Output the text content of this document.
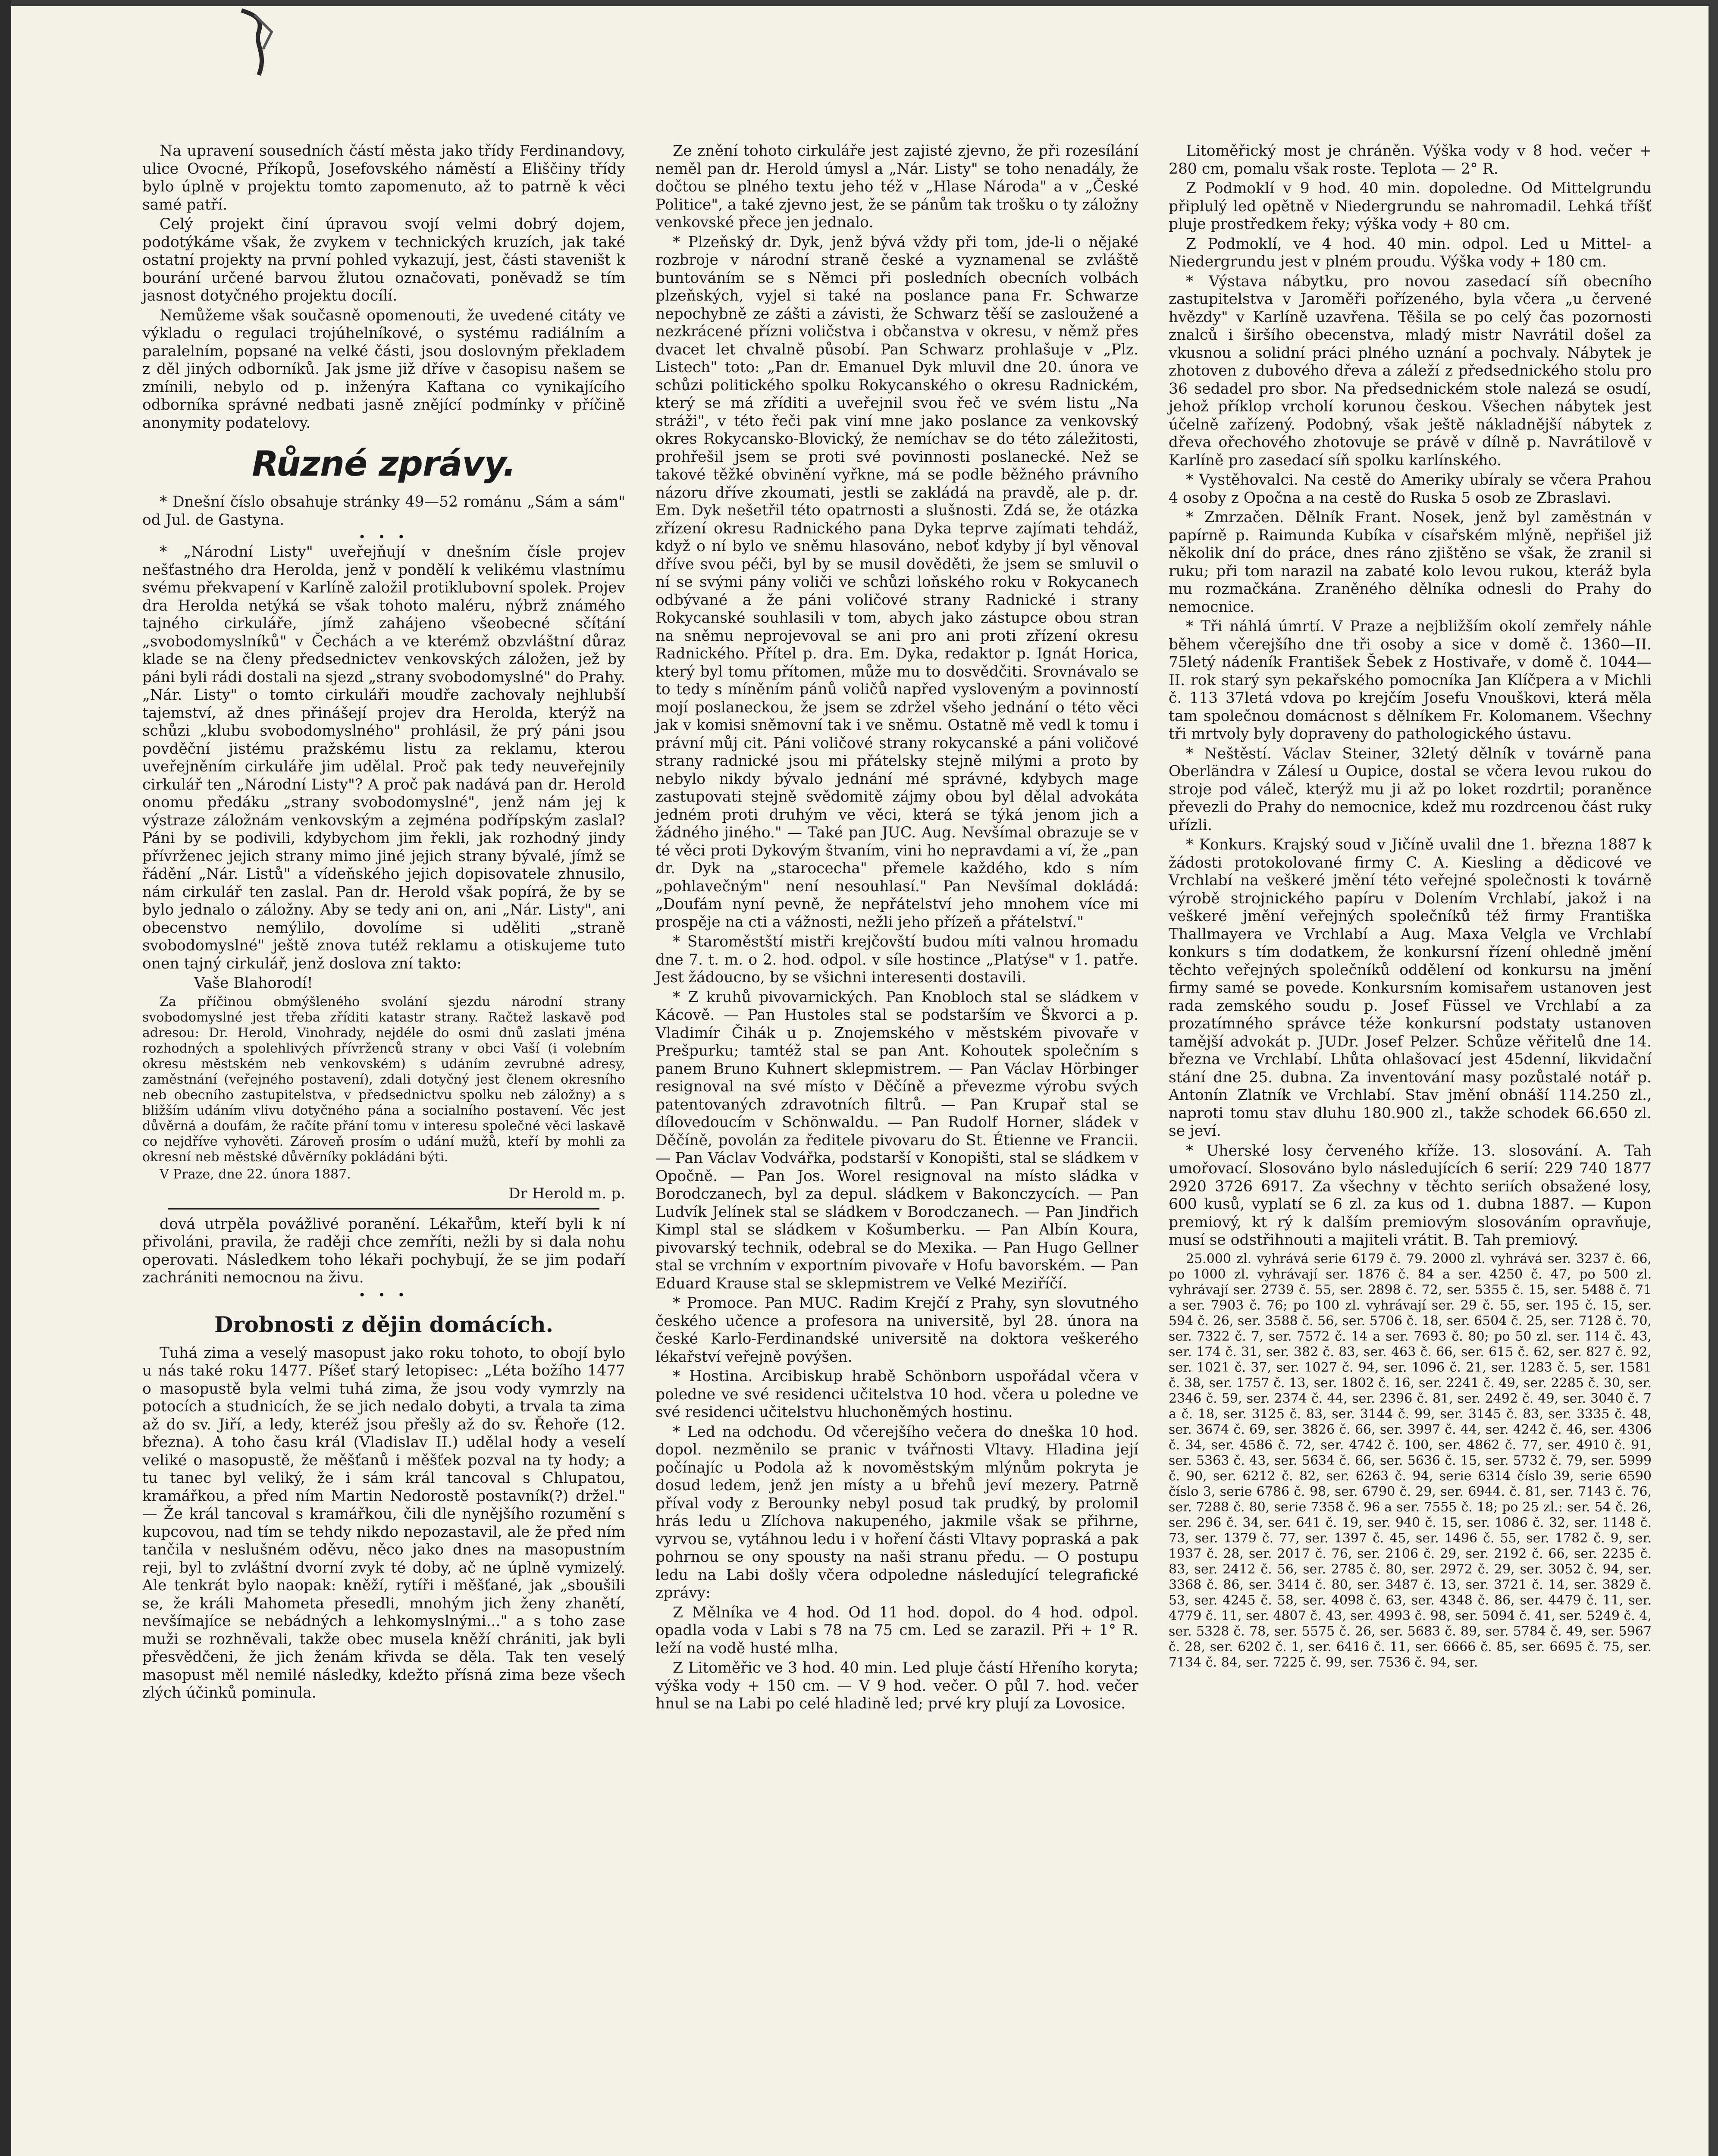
Na upravení sousedních částí města jako třídy Ferdinandovy, ulice Ovocné, Příkopů, Josefovského náměstí a Eliščiny třídy bylo úplně v projektu tomto zapomenuto, až to patrně k věci samé patří.

Celý projekt činí úpravou svojí velmi dobrý dojem, podotýkáme však, že zvykem v technických kruzích, jak také ostatní projekty na první pohled vykazují, jest, části staveništ k bourání určené barvou žlutou označovati, poněvadž se tím jasnost dotyčného projektu docílí.

Nemůžeme však současně opomenouti, že uvedené citáty ve výkladu o regulaci trojúhelníkové, o systému radiálním a paralelním, popsané na velké části, jsou doslovným překladem z děl jiných odborníků. Jak jsme již dříve v časopisu našem se zmínili, nebylo od p. inženýra Kaftana co vynikajícího odborníka správné nedbati jasně znějící podmínky v příčině anonymity podatelovy.

Různé zprávy.

* Dnešní číslo obsahuje stránky 49—52 románu „Sám a sám" od Jul. de Gastyna.

• • •

* „Národní Listy" uveřejňují v dnešním čísle projev nešťastného dra Herolda, jenž v pondělí k velikému vlastnímu svému překvapení v Karlíně založil protiklubovní spolek. Projev dra Herolda netýká se však tohoto maléru, nýbrž známého tajného cirkuláře, jímž zahájeno všeobecné sčítání „svobodomyslníků" v Čechách a ve kterémž obzvláštní důraz klade se na členy předsednictev venkovských záložen, jež by páni byli rádi dostali na sjezd „strany svobodomyslné" do Prahy. „Nár. Listy" o tomto cirkuláři moudře zachovaly nejhlubší tajemství, až dnes přinášejí projev dra Herolda, kterýž na schůzi „klubu svobodomyslného" prohlásil, že prý páni jsou povděční jistému pražskému listu za reklamu, kterou uveřejněním cirkuláře jim udělal. Proč pak tedy neuveřejnily cirkulář ten „Národní Listy"? A proč pak nadává pan dr. Herold onomu předáku „strany svobodomyslné", jenž nám jej k výstraze záložnám venkovským a zejména podřípským zaslal? Páni by se podivili, kdybychom jim řekli, jak rozhodný jindy přívrženec jejich strany mimo jiné jejich strany bývalé, jímž se řádění „Nár. Listů" a vídeňského jejich dopisovatele zhnusilo, nám cirkulář ten zaslal. Pan dr. Herold však popírá, že by se bylo jednalo o záložny. Aby se tedy ani on, ani „Nár. Listy", ani obecenstvo nemýlilo, dovolíme si uděliti „straně svobodomyslné" ještě znova tutéž reklamu a otiskujeme tuto onen tajný cirkulář, jenž doslova zní takto:

Vaše Blahorodí!

Za příčinou obmýšleného svolání sjezdu národní strany svobodomyslné jest třeba zříditi katastr strany. Račtež laskavě pod adresou: Dr. Herold, Vinohrady, nejdéle do osmi dnů zaslati jména rozhodných a spolehlivých přívrženců strany v obci Vaší (i volebním okresu městském neb venkovském) s udáním zevrubné adresy, zaměstnání (veřejného postavení), zdali dotyčný jest členem okresního neb obecního zastupitelstva, v předsednictvu spolku neb záložny) a s bližším udáním vlivu dotyčného pána a socialního postavení. Věc jest důvěrná a doufám, že račíte přání tomu v interesu společné věci laskavě co nejdříve vyhověti. Zároveň prosím o udání mužů, kteří by mohli za okresní neb městské důvěrníky pokládáni býti.

V Praze, dne 22. února 1887.

Dr Herold m. p.

dová utrpěla povážlivé poranění. Lékařům, kteří byli k ní přivoláni, pravila, že raději chce zemříti, nežli by si dala nohu operovati. Následkem toho lékaři pochybují, že se jim podaří zachrániti nemocnou na živu.

• • •
Drobnosti z dějin domácích.

Tuhá zima a veselý masopust jako roku tohoto, to obojí bylo u nás také roku 1477. Píšeť starý letopisec: „Léta božího 1477 o masopustě byla velmi tuhá zima, že jsou vody vymrzly na potocích a studnicích, že se jich nedalo dobyti, a trvala ta zima až do sv. Jiří, a ledy, kteréž jsou přešly až do sv. Řehoře (12. března). A toho času král (Vladislav II.) udělal hody a veselí veliké o masopustě, že měšťanů i měšťek pozval na ty hody; a tu tanec byl veliký, že i sám král tancoval s Chlupatou, kramářkou, a před ním Martin Nedorostě postavník(?) držel." — Že král tancoval s kramářkou, čili dle nynějšího rozumění s kupcovou, nad tím se tehdy nikdo nepozastavil, ale že před ním tančila v neslušném oděvu, něco jako dnes na masopustním reji, byl to zvláštní dvorní zvyk té doby, ač ne úplně vymizelý. Ale tenkrát bylo naopak: kněží, rytíři i měšťané, jak „sboušili se, že králi Mahometa přesedli, mnohým jich ženy zhanětí, nevšímajíce se nebádných a lehkomyslnými..." a s toho zase muži se rozhněvali, takže obec musela kněží chrániti, jak byli přesvědčeni, že jich ženám křivda se děla. Tak ten veselý masopust měl nemilé následky, kdežto přísná zima beze všech zlých účinků pominula.

Ze znění tohoto cirkuláře jest zajisté zjevno, že při rozesílání neměl pan dr. Herold úmysl a „Nár. Listy" se toho nenadály, že dočtou se plného textu jeho též v „Hlase Národa" a v „České Politice", a také zjevno jest, že se pánům tak trošku o ty záložny venkovské přece jen jednalo.

* Plzeňský dr. Dyk, jenž bývá vždy při tom, jde-li o nějaké rozbroje v národní straně české a vyznamenal se zvláště buntováním se s Němci při posledních obecních volbách plzeňských, vyjel si také na poslance pana Fr. Schwarze nepochybně ze zášti a závisti, že Schwarz těší se zasloužené a nezkrácené přízni voličstva i občanstva v okresu, v němž přes dvacet let chvalně působí. Pan Schwarz prohlašuje v „Plz. Listech" toto: „Pan dr. Emanuel Dyk mluvil dne 20. února ve schůzi politického spolku Rokycanského o okresu Radnickém, který se má zříditi a uveřejnil svou řeč ve svém listu „Na stráži", v této řeči pak viní mne jako poslance za venkovský okres Rokycansko-Blovický, že nemíchav se do této záležitosti, prohřešil jsem se proti své povinnosti poslanecké. Než se takové těžké obvinění vyřkne, má se podle běžného právního názoru dříve zkoumati, jestli se zakládá na pravdě, ale p. dr. Em. Dyk nešetřil této opatrnosti a slušnosti. Zdá se, že otázka zřízení okresu Radnického pana Dyka teprve zajímati tehdáž, když o ní bylo ve sněmu hlasováno, neboť kdyby jí byl věnoval dříve svou péči, byl by se musil dověděti, že jsem se smluvil o ní se svými pány voliči ve schůzi loňského roku v Rokycanech odbývané a že páni voličové strany Radnické i strany Rokycanské souhlasili v tom, abych jako zástupce obou stran na sněmu neprojevoval se ani pro ani proti zřízení okresu Radnického. Přítel p. dra. Em. Dyka, redaktor p. Ignát Horica, který byl tomu přítomen, může mu to dosvědčiti. Srovnávalo se to tedy s míněním pánů voličů napřed vysloveným a povinností mojí poslaneckou, že jsem se zdržel všeho jednání o této věci jak v komisi sněmovní tak i ve sněmu. Ostatně mě vedl k tomu i právní můj cit. Páni voličové strany rokycanské a páni voličové strany radnické jsou mi přátelsky stejně milými a proto by nebylo nikdy bývalo jednání mé správné, kdybych mage zastupovati stejně svědomitě zájmy obou byl dělal advokáta jedném proti druhým ve věci, která se týká jenom jich a žádného jiného." — Také pan JUC. Aug. Nevšímal obrazuje se v té věci proti Dykovým štvaním, vini ho nepravdami a ví, že „pan dr. Dyk na „starocecha" přemele každého, kdo s ním „pohlavečným" není nesouhlasí." Pan Nevšímal dokládá: „Doufám nyní pevně, že nepřátelství jeho mnohem více mi prospěje na cti a vážnosti, nežli jeho přízeň a přátelství."

* Staroměstští mistři krejčovští budou míti valnou hromadu dne 7. t. m. o 2. hod. odpol. v síle hostince „Platýse" v 1. patře. Jest žádoucno, by se všichni interesenti dostavili.

* Z kruhů pivovarnických. Pan Knobloch stal se sládkem v Kácově. — Pan Hustoles stal se podstarším ve Škvorci a p. Vladimír Čihák u p. Znojemského v městském pivovaře v Prešpurku; tamtéž stal se pan Ant. Kohoutek společním s panem Bruno Kuhnert sklepmistrem. — Pan Václav Hörbinger resignoval na své místo v Děčíně a převezme výrobu svých patentovaných zdravotních filtrů. — Pan Krupař stal se dílovedoucím v Schönwaldu. — Pan Rudolf Horner, sládek v Děčíně, povolán za ředitele pivovaru do St. Étienne ve Francii. — Pan Václav Vodvářka, podstarší v Konopišti, stal se sládkem v Opočně. — Pan Jos. Worel resignoval na místo sládka v Borodczanech, byl za depul. sládkem v Bakonczycích. — Pan Ludvík Jelínek stal se sládkem v Borodczanech. — Pan Jindřich Kimpl stal se sládkem v Košumberku. — Pan Albín Koura, pivovarský technik, odebral se do Mexika. — Pan Hugo Gellner stal se vrchním v exportním pivovaře v Hofu bavorském. — Pan Eduard Krause stal se sklepmistrem ve Velké Meziříčí.

* Promoce. Pan MUC. Radim Krejčí z Prahy, syn slovutného českého učence a profesora na universitě, byl 28. února na české Karlo-Ferdinandské universitě na doktora veškerého lékařství veřejně povýšen.

* Hostina. Arcibiskup hrabě Schönborn uspořádal včera v poledne ve své residenci učitelstva 10 hod. včera u poledne ve své residenci učitelstvu hluchoněmých hostinu.

* Led na odchodu. Od včerejšího večera do dneška 10 hod. dopol. nezměnilo se pranic v tvářnosti Vltavy. Hladina její počínajíc u Podola až k novoměstským mlýnům pokryta je dosud ledem, jenž jen místy a u břehů jeví mezery. Patrně příval vody z Berounky nebyl posud tak prudký, by prolomil hrás ledu u Zlíchova nakupeného, jakmile však se přihrne, vyrvou se, vytáhnou ledu i v hoření části Vltavy popraská a pak pohrnou se ony spousty na naši stranu předu. — O postupu ledu na Labi došly včera odpoledne následující telegrafické zprávy:

Z Mělníka ve 4 hod. Od 11 hod. dopol. do 4 hod. odpol. opadla voda v Labi s 78 na 75 cm. Led se zarazil. Při + 1° R. leží na vodě husté mlha.

Z Litoměřic ve 3 hod. 40 min. Led pluje částí Hřeního koryta; výška vody + 150 cm. — V 9 hod. večer. O půl 7. hod. večer hnul se na Labi po celé hladině led; prvé kry plují za Lovosice.

Litoměřický most je chráněn. Výška vody v 8 hod. večer + 280 cm, pomalu však roste. Teplota — 2° R.

Z Podmoklí v 9 hod. 40 min. dopoledne. Od Mittelgrundu připlulý led opětně v Niedergrundu se nahromadil. Lehká tříšť pluje prostředkem řeky; výška vody + 80 cm.

Z Podmoklí, ve 4 hod. 40 min. odpol. Led u Mittel- a Niedergrundu jest v plném proudu. Výška vody + 180 cm.

* Výstava nábytku, pro novou zasedací síň obecního zastupitelstva v Jaroměři pořízeného, byla včera „u červené hvězdy" v Karlíně uzavřena. Těšila se po celý čas pozornosti znalců i širšího obecenstva, mladý mistr Navrátil došel za vkusnou a solidní práci plného uznání a pochvaly. Nábytek je zhotoven z dubového dřeva a záleží z předsednického stolu pro 36 sedadel pro sbor. Na předsednickém stole nalezá se osudí, jehož příklop vrcholí korunou českou. Všechen nábytek jest účelně zařízený. Podobný, však ještě nákladnější nábytek z dřeva ořechového zhotovuje se právě v dílně p. Navrátilově v Karlíně pro zasedací síň spolku karlínského.

* Vystěhovalci. Na cestě do Ameriky ubíraly se včera Prahou 4 osoby z Opočna a na cestě do Ruska 5 osob ze Zbraslavi.

* Zmrzačen. Dělník Frant. Nosek, jenž byl zaměstnán v papírně p. Raimunda Kubíka v císařském mlýně, nepřišel již několik dní do práce, dnes ráno zjištěno se však, že zranil si ruku; při tom narazil na zabaté kolo levou rukou, kteráž byla mu rozmačkána. Zraněného dělníka odnesli do Prahy do nemocnice.

* Tři náhlá úmrtí. V Praze a nejbližším okolí zemřely náhle během včerejšího dne tři osoby a sice v domě č. 1360—II. 75letý nádeník František Šebek z Hostivaře, v domě č. 1044—II. rok starý syn pekařského pomocníka Jan Klíčpera a v Michli č. 113 37letá vdova po krejčím Josefu Vnouškovi, která měla tam společnou domácnost s dělníkem Fr. Kolomanem. Všechny tři mrtvoly byly dopraveny do pathologického ústavu.

* Neštěstí. Václav Steiner, 32letý dělník v továrně pana Oberländra v Zálesí u Oupice, dostal se včera levou rukou do stroje pod váleč, kterýž mu ji až po loket rozdrtil; poraněnce převezli do Prahy do nemocnice, kdež mu rozdrcenou část ruky uřízli.

* Konkurs. Krajský soud v Jičíně uvalil dne 1. března 1887 k žádosti protokolované firmy C. A. Kiesling a dědicové ve Vrchlabí na veškeré jmění této veřejné společnosti k továrně výrobě strojnického papíru v Dolením Vrchlabí, jakož i na veškeré jmění veřejných společníků též firmy Františka Thallmayera ve Vrchlabí a Aug. Maxa Velgla ve Vrchlabí konkurs s tím dodatkem, že konkursní řízení ohledně jmění těchto veřejných společníků oddělení od konkursu na jmění firmy samé se povede. Konkursním komisařem ustanoven jest rada zemského soudu p. Josef Füssel ve Vrchlabí a za prozatímného správce téže konkursní podstaty ustanoven tamější advokát p. JUDr. Josef Pelzer. Schůze věřitelů dne 14. března ve Vrchlabí. Lhůta ohlašovací jest 45denní, likvidační stání dne 25. dubna. Za inventování masy pozůstalé notář p. Antonín Zlatník ve Vrchlabí. Stav jmění obnáší 114.250 zl., naproti tomu stav dluhu 180.900 zl., takže schodek 66.650 zl. se jeví.

* Uherské losy červeného kříže. 13. slosování. A. Tah umořovací. Slosováno bylo následujících 6 serií: 229 740 1877 2920 3726 6917. Za všechny v těchto seriích obsažené losy, 600 kusů, vyplatí se 6 zl. za kus od 1. dubna 1887. — Kupon premiový, kt rý k dalším premiovým slosováním opravňuje, musí se odstřihnouti a majiteli vrátit. B. Tah premiový.

25.000 zl. vyhrává serie 6179 č. 79. 2000 zl. vyhrává ser. 3237 č. 66, po 1000 zl. vyhrávají ser. 1876 č. 84 a ser. 4250 č. 47, po 500 zl. vyhrávají ser. 2739 č. 55, ser. 2898 č. 72, ser. 5355 č. 15, ser. 5488 č. 71 a ser. 7903 č. 76; po 100 zl. vyhrávají ser. 29 č. 55, ser. 195 č. 15, ser. 594 č. 26, ser. 3588 č. 56, ser. 5706 č. 18, ser. 6504 č. 25, ser. 7128 č. 70, ser. 7322 č. 7, ser. 7572 č. 14 a ser. 7693 č. 80; po 50 zl. ser. 114 č. 43, ser. 174 č. 31, ser. 382 č. 83, ser. 463 č. 66, ser. 615 č. 62, ser. 827 č. 92, ser. 1021 č. 37, ser. 1027 č. 94, ser. 1096 č. 21, ser. 1283 č. 5, ser. 1581 č. 38, ser. 1757 č. 13, ser. 1802 č. 16, ser. 2241 č. 49, ser. 2285 č. 30, ser. 2346 č. 59, ser. 2374 č. 44, ser. 2396 č. 81, ser. 2492 č. 49, ser. 3040 č. 7 a č. 18, ser. 3125 č. 83, ser. 3144 č. 99, ser. 3145 č. 83, ser. 3335 č. 48, ser. 3674 č. 69, ser. 3826 č. 66, ser. 3997 č. 44, ser. 4242 č. 46, ser. 4306 č. 34, ser. 4586 č. 72, ser. 4742 č. 100, ser. 4862 č. 77, ser. 4910 č. 91, ser. 5363 č. 43, ser. 5634 č. 66, ser. 5636 č. 15, ser. 5732 č. 79, ser. 5999 č. 90, ser. 6212 č. 82, ser. 6263 č. 94, serie 6314 číslo 39, serie 6590 číslo 3, serie 6786 č. 98, ser. 6790 č. 29, ser. 6944. č. 81, ser. 7143 č. 76, ser. 7288 č. 80, serie 7358 č. 96 a ser. 7555 č. 18; po 25 zl.: ser. 54 č. 26, ser. 296 č. 34, ser. 641 č. 19, ser. 940 č. 15, ser. 1086 č. 32, ser. 1148 č. 73, ser. 1379 č. 77, ser. 1397 č. 45, ser. 1496 č. 55, ser. 1782 č. 9, ser. 1937 č. 28, ser. 2017 č. 76, ser. 2106 č. 29, ser. 2192 č. 66, ser. 2235 č. 83, ser. 2412 č. 56, ser. 2785 č. 80, ser. 2972 č. 29, ser. 3052 č. 94, ser. 3368 č. 86, ser. 3414 č. 80, ser. 3487 č. 13, ser. 3721 č. 14, ser. 3829 č. 53, ser. 4245 č. 58, ser. 4098 č. 63, ser. 4348 č. 86, ser. 4479 č. 11, ser. 4779 č. 11, ser. 4807 č. 43, ser. 4993 č. 98, ser. 5094 č. 41, ser. 5249 č. 4, ser. 5328 č. 78, ser. 5575 č. 26, ser. 5683 č. 89, ser. 5784 č. 49, ser. 5967 č. 28, ser. 6202 č. 1, ser. 6416 č. 11, ser. 6666 č. 85, ser. 6695 č. 75, ser. 7134 č. 84, ser. 7225 č. 99, ser. 7536 č. 94, ser.
